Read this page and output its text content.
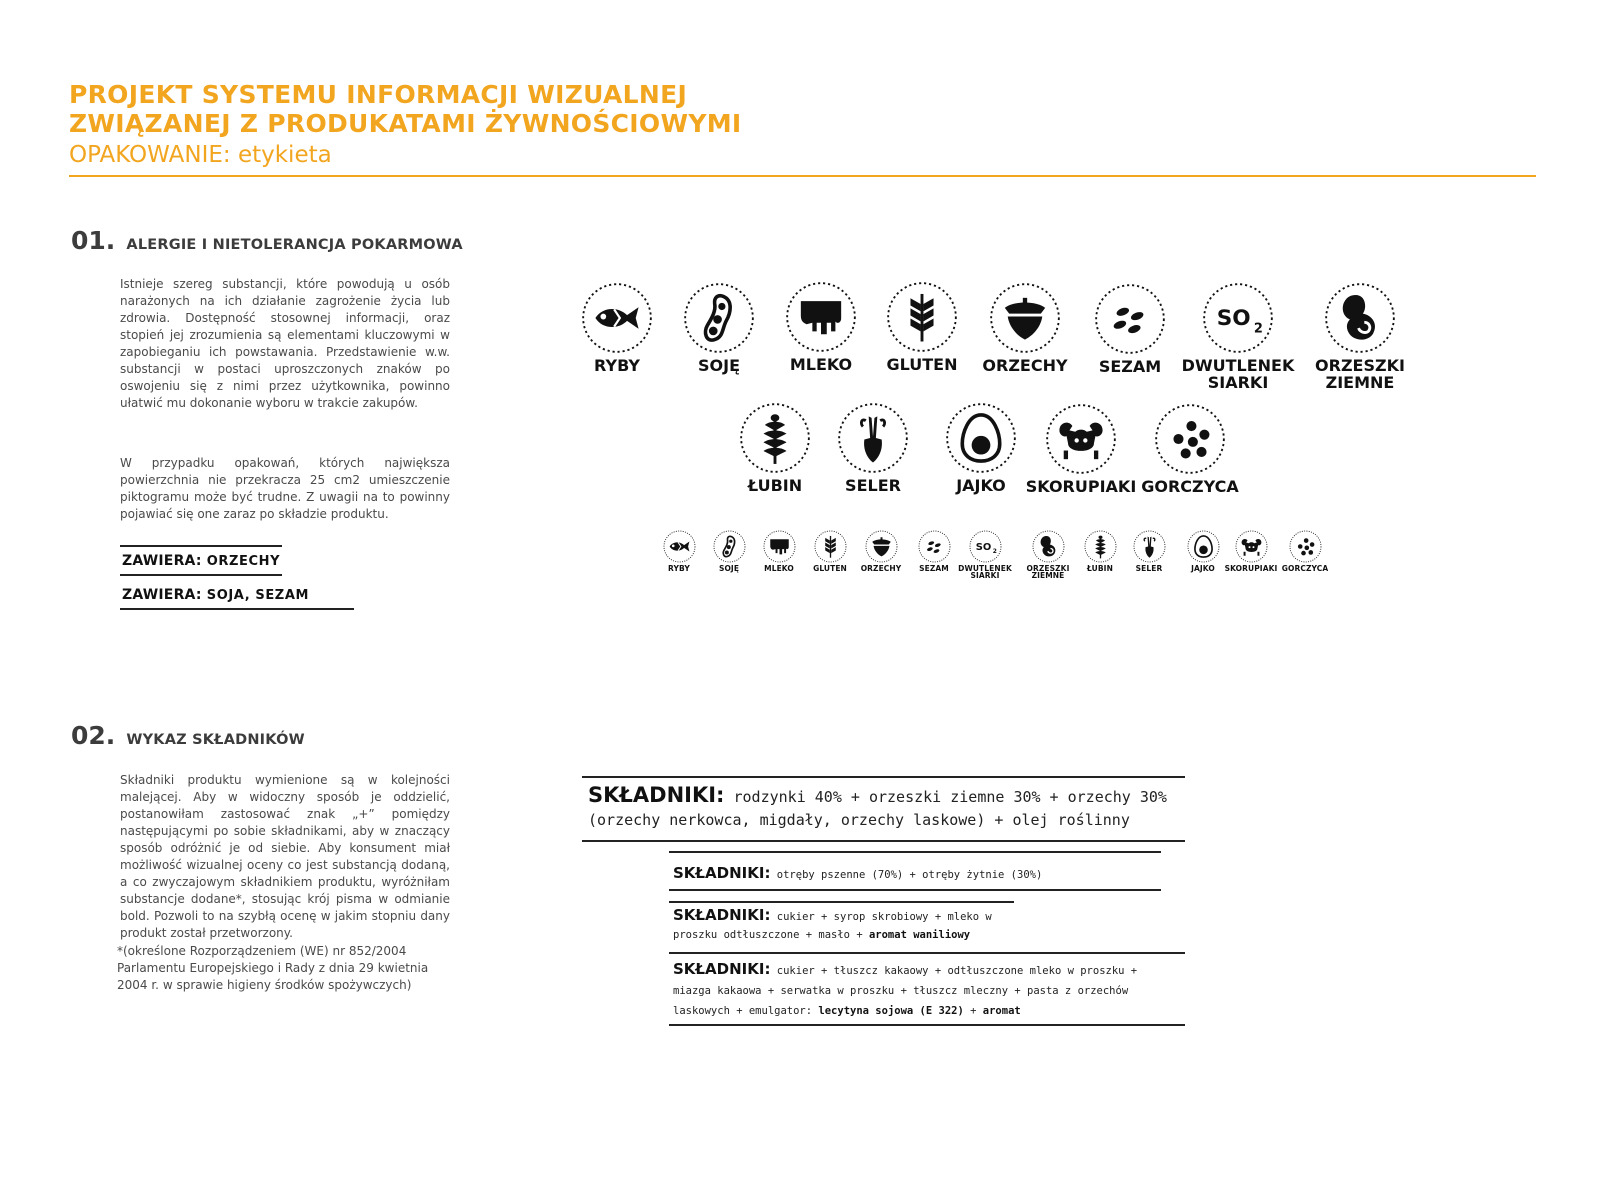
PROJEKT SYSTEMU INFORMACJI WIZUALNEJ
ZWIĄZANEJ Z PRODUKATAMI ŻYWNOŚCIOWYMI
OPAKOWANIE: etykieta
01. ALERGIE I NIETOLERANCJA POKARMOWA
Istnieje szereg substancji, które powodują u osób narażonych na ich działanie zagrożenie życia lub zdrowia. Dostępność stosownej informacji, oraz stopień jej zrozumienia są elementami kluczowymi w zapobieganiu ich powstawania. Przedstawienie w.w. substancji w postaci uproszczonych znaków po oswojeniu się z nimi przez użytkownika, powinno ułatwić mu dokonanie wyboru w trakcie zakupów.
W przypadku opakowań, których największa powierzchnia nie przekracza 25 cm2 umieszczenie piktogramu może być trudne. Z uwagii na to powinny pojawiać się one zaraz po składzie produktu.
ZAWIERA: ORZECHY
ZAWIERA: SOJA, SEZAM
RYBY	SOJĘ	MLEKO	GLUTEN	ORZECHY	SEZAM
SO 2
DWUTLENEK
SIARKI
ORZESZKI
ZIEMNE
ŁUBIN	SELER	JAJKO	SKORUPIAKI GORCZYCA
RYBY	SOJĘ	MLEKO	GLUTEN	ORZECHY	SEZAM
SO 2
DWUTLENEK
SIARKI
ORZESZKI
ZIEMNE
ŁUBIN	SELER	JAJKO	SKORUPIAKI GORCZYCA
02. WYKAZ SKŁADNIKÓW
Składniki produktu wymienione są w kolejności malejącej. Aby w widoczny sposób je oddzielić, postanowiłam zastosować znak „+” pomiędzy następującymi po sobie składnikami, aby w znaczący sposób odróżnić je od siebie. Aby konsument miał możliwość wizualnej oceny co jest substancją dodaną, a co zwyczajowym składnikiem produktu, wyróżniłam substancje dodane*, stosując krój pisma w odmianie bold. Pozwoli to na szybłą ocenę w jakim stopniu dany produkt został przetworzony.
*(określone Rozporządzeniem (WE) nr 852/2004 Parlamentu Europejskiego i Rady z dnia 29 kwietnia 2004 r. w sprawie higieny środków spożywczych)
SKŁADNIKI: rodzynki 40% + orzeszki ziemne 30% + orzechy 30% (orzechy nerkowca, migdały, orzechy laskowe) + olej roślinny
SKŁADNIKI: otręby pszenne (70%) + otręby żytnie (30%)
SKŁADNIKI: cukier + syrop skrobiowy + mleko w proszku odtłuszczone + masło + aromat waniliowy
SKŁADNIKI: cukier + tłuszcz kakaowy + odtłuszczone mleko w proszku + miazga kakaowa + serwatka w proszku + tłuszcz mleczny + pasta z orzechów laskowych + emulgator: lecytyna sojowa (E 322) + aromat
